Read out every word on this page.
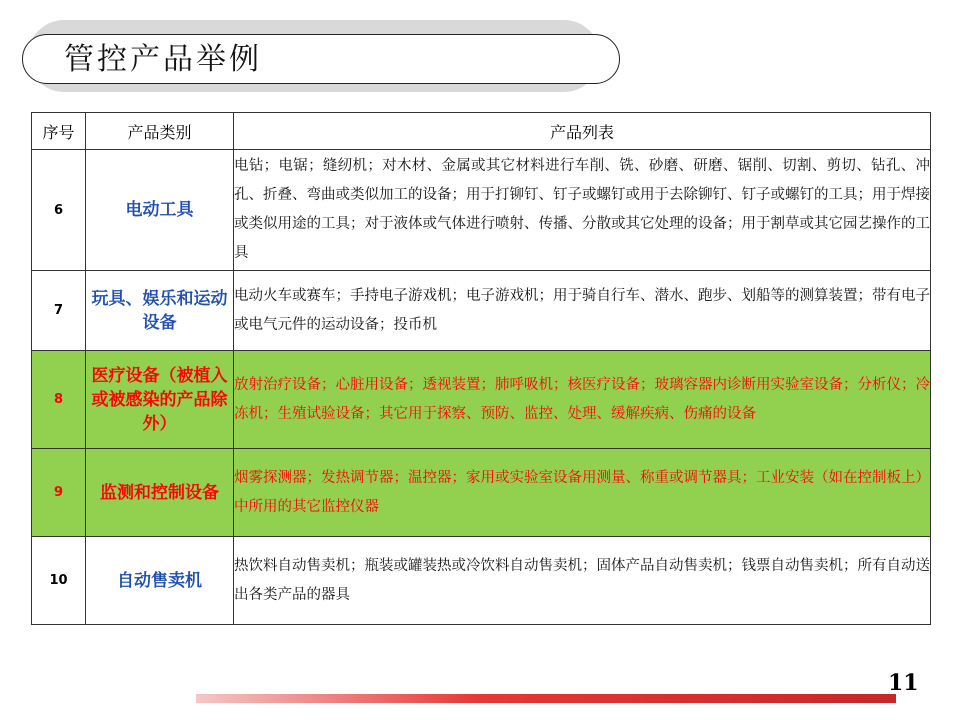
管控产品举例
序号	产品类别	产品列表
6	电动工具	电钻；电锯；缝纫机；对木材、金属或其它材料进行车削、铣、砂磨、研磨、锯削、切割、剪切、钻孔、冲孔、折叠、弯曲或类似加工的设备；用于打铆钉、钉子或螺钉或用于去除铆钉、钉子或螺钉的工具；用于焊接或类似用途的工具；对于液体或气体进行喷射、传播、分散或其它处理的设备；用于割草或其它园艺操作的工具
7	玩具、娱乐和运动设备	电动火车或赛车；手持电子游戏机；电子游戏机；用于骑自行车、潜水、跑步、划船等的测算装置；带有电子或电气元件的运动设备；投币机
8	医疗设备（被植入或被感染的产品除外）	放射治疗设备；心脏用设备；透视装置；肺呼吸机；核医疗设备；玻璃容器内诊断用实验室设备；分析仪；冷冻机；生殖试验设备；其它用于探察、预防、监控、处理、缓解疾病、伤痛的设备
9	监测和控制设备	烟雾探测器；发热调节器；温控器；家用或实验室设备用测量、称重或调节器具；工业安装（如在控制板上）中所用的其它监控仪器
10	自动售卖机	热饮料自动售卖机；瓶装或罐装热或冷饮料自动售卖机；固体产品自动售卖机；钱票自动售卖机；所有自动送出各类产品的器具
11
